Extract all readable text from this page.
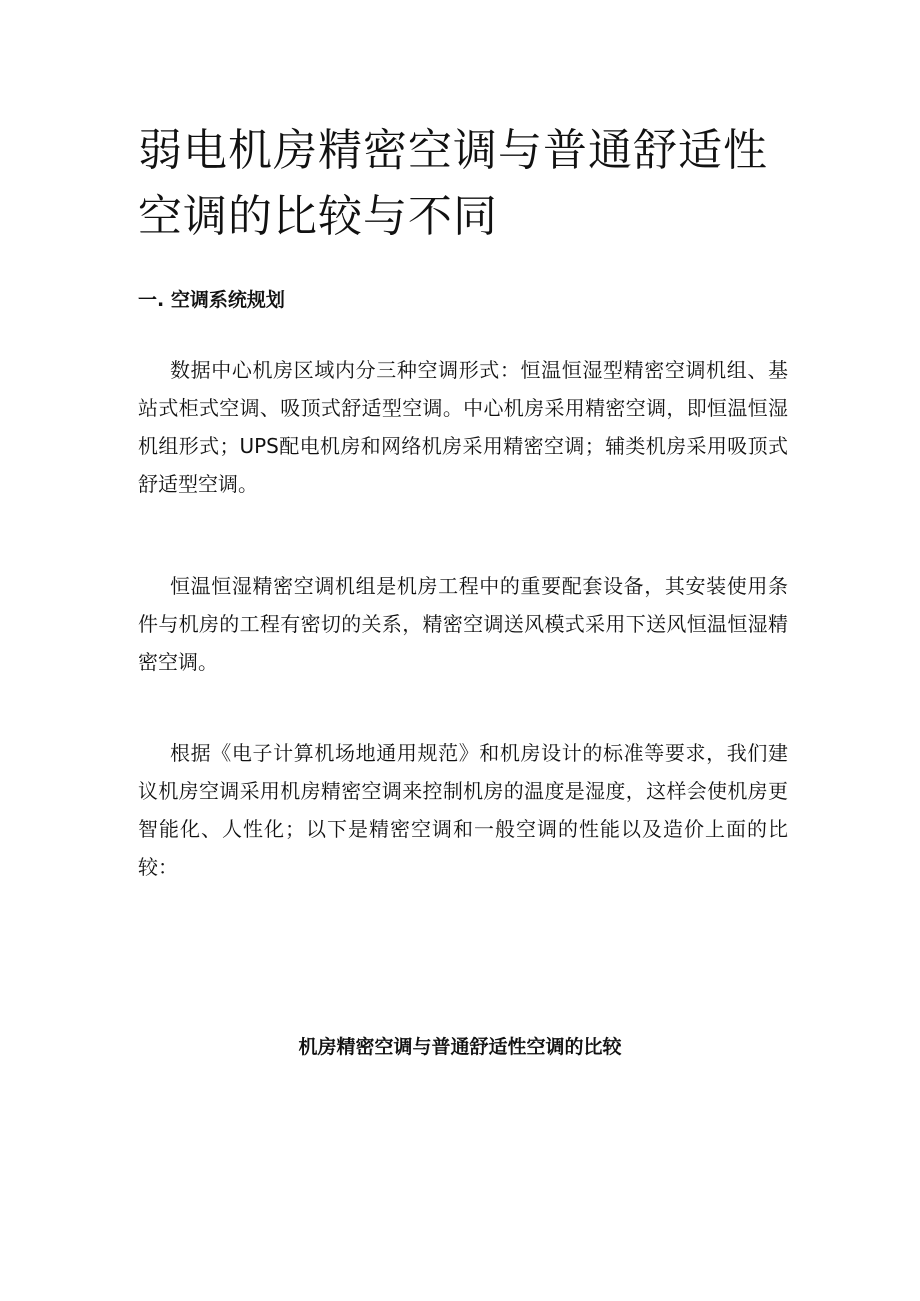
弱电机房精密空调与普通舒适性空调的比较与不同
一. 空调系统规划

数据中心机房区域内分三种空调形式：恒温恒湿型精密空调机组、基站式柜式空调、吸顶式舒适型空调。中心机房采用精密空调，即恒温恒湿机组形式；UPS配电机房和网络机房采用精密空调；辅类机房采用吸顶式舒适型空调。

恒温恒湿精密空调机组是机房工程中的重要配套设备，其安装使用条件与机房的工程有密切的关系，精密空调送风模式采用下送风恒温恒湿精密空调。

根据《电子计算机场地通用规范》和机房设计的标准等要求，我们建议机房空调采用机房精密空调来控制机房的温度是湿度，这样会使机房更智能化、人性化；以下是精密空调和一般空调的性能以及造价上面的比较：

机房精密空调与普通舒适性空调的比较
